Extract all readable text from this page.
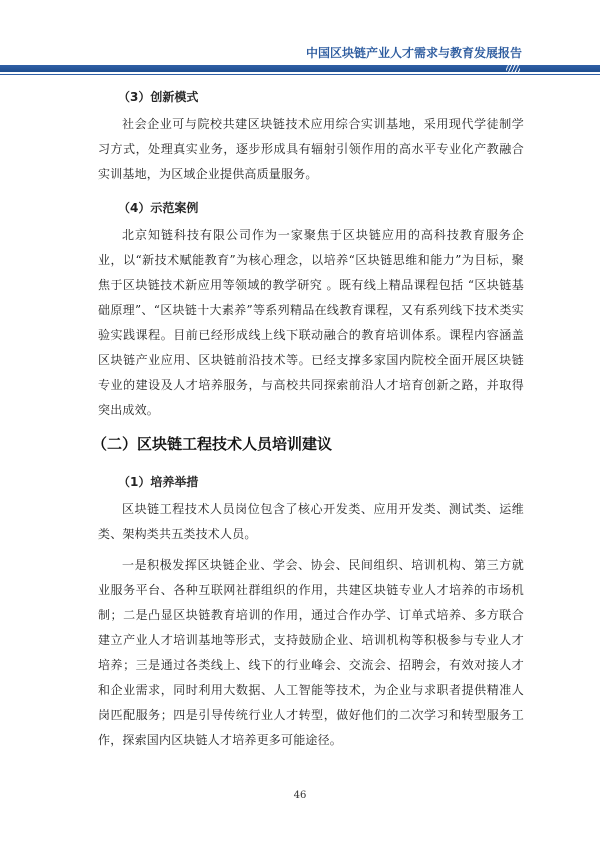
中国区块链产业人才需求与教育发展报告
（3）创新模式

社会企业可与院校共建区块链技术应用综合实训基地，采用现代学徒制学习方式，处理真实业务，逐步形成具有辐射引领作用的高水平专业化产教融合实训基地，为区域企业提供高质量服务。

（4）示范案例

北京知链科技有限公司作为一家聚焦于区块链应用的高科技教育服务企业，以“新技术赋能教育”为核心理念，以培养“区块链思维和能力”为目标，聚焦于区块链技术新应用等领域的教学研究 。既有线上精品课程包括 “区块链基础原理”、“区块链十大素养”等系列精品在线教育课程，又有系列线下技术类实验实践课程。目前已经形成线上线下联动融合的教育培训体系。课程内容涵盖区块链产业应用、区块链前沿技术等。已经支撑多家国内院校全面开展区块链专业的建设及人才培养服务，与高校共同探索前沿人才培育创新之路，并取得突出成效。

（二）区块链工程技术人员培训建议
（1）培养举措

区块链工程技术人员岗位包含了核心开发类、应用开发类、测试类、运维类、架构类共五类技术人员。

一是积极发挥区块链企业、学会、协会、民间组织、培训机构、第三方就业服务平台、各种互联网社群组织的作用，共建区块链专业人才培养的市场机制；二是凸显区块链教育培训的作用，通过合作办学、订单式培养、多方联合建立产业人才培训基地等形式，支持鼓励企业、培训机构等积极参与专业人才培养；三是通过各类线上、线下的行业峰会、交流会、招聘会，有效对接人才和企业需求，同时利用大数据、人工智能等技术，为企业与求职者提供精准人岗匹配服务；四是引导传统行业人才转型，做好他们的二次学习和转型服务工作，探索国内区块链人才培养更多可能途径。

46
